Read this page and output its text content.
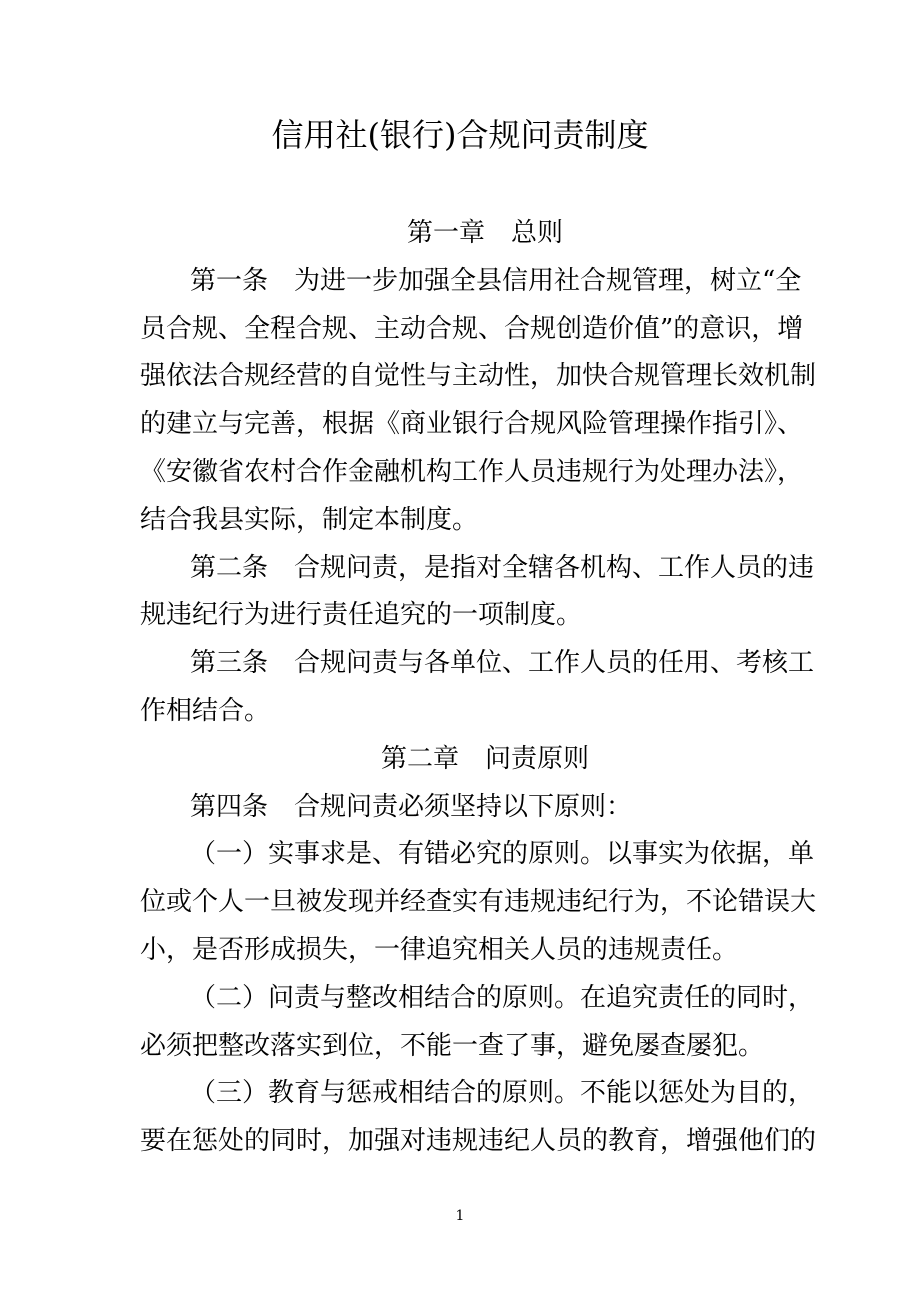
信用社(银行)合规问责制度
第一章　总则
第一条　为进一步加强全县信用社合规管理，树立“全
员合规、全程合规、主动合规、合规创造价值”的意识，增
强依法合规经营的自觉性与主动性，加快合规管理长效机制
的建立与完善，根据《商业银行合规风险管理操作指引》、
《安徽省农村合作金融机构工作人员违规行为处理办法》，
结合我县实际，制定本制度。
第二条　合规问责，是指对全辖各机构、工作人员的违
规违纪行为进行责任追究的一项制度。
第三条　合规问责与各单位、工作人员的任用、考核工
作相结合。
第二章　问责原则
第四条　合规问责必须坚持以下原则：
（一）实事求是、有错必究的原则。以事实为依据，单
位或个人一旦被发现并经查实有违规违纪行为，不论错误大
小，是否形成损失，一律追究相关人员的违规责任。
（二）问责与整改相结合的原则。在追究责任的同时，
必须把整改落实到位，不能一查了事，避免屡查屡犯。
（三）教育与惩戒相结合的原则。不能以惩处为目的，
要在惩处的同时，加强对违规违纪人员的教育，增强他们的
1
